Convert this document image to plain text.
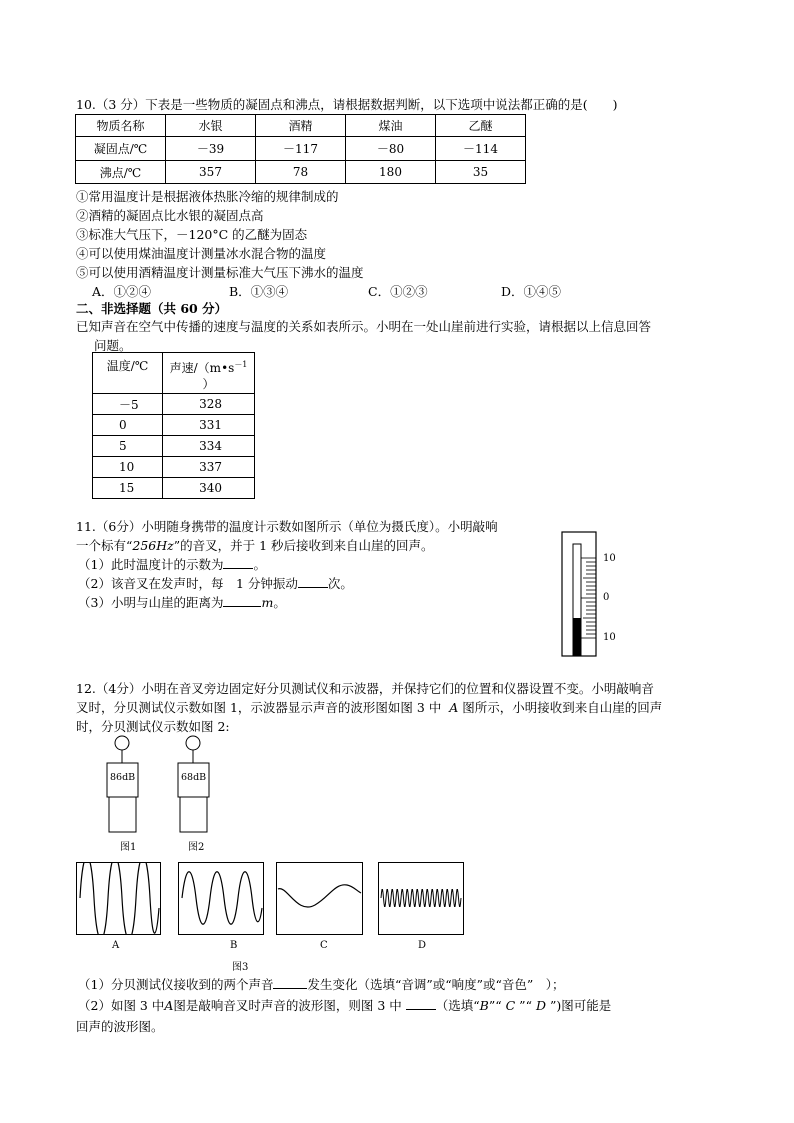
10.（3 分）下表是一些物质的凝固点和沸点，请根据数据判断，以下选项中说法都正确的是(　　)
物质名称	水银	酒精	煤油	乙醚
凝固点/℃	－39	－117	－80	－114
沸点/℃	357	78	180	35
①常用温度计是根据液体热胀冷缩的规律制成的
②酒精的凝固点比水银的凝固点高
③标准大气压下，－120°C 的乙醚为固态
④可以使用煤油温度计测量冰水混合物的温度
⑤可以使用酒精温度计测量标准大气压下沸水的温度
A．①②④	B．①③④	C．①②③	D．①④⑤
二、非选择题（共 60 分）
已知声音在空气中传播的速度与温度的关系如表所示。小明在一处山崖前进行实验，请根据以上信息回答
问题。
温度/℃	声速$/(m•s^{-1}$
）
－5	328
0	331
5	334
10	337
15	340
11.（6分）小明随身携带的温度计示数如图所示（单位为摄氏度）。小明敲响
一个标有“256Hz”的音叉，并于 1 秒后接收到来自山崖的回声。
（1）此时温度计的示数为 。
（2）该音叉在发声时，每　1 分钟振动 次。
（3）小明与山崖的距离为	m。
10
0
10
12.（4分）小明在音叉旁边固定好分贝测试仪和示波器，并保持它们的位置和仪器设置不变。小明敲响音
叉时，分贝测试仪示数如图 1，示波器显示声音的波形图如图 3 中 A 图所示，小明接收到来自山崖的回声
时，分贝测试仪示数如图 2:
86dB
图1
68dB
图2
A	B	C	D
图3
（1）分贝测试仪接收到的两个声音	发生变化（选填“音调”或“响度”或“音色”　）；
（2）如图 3 中A图是敲响音叉时声音的波形图，则图 3 中	（选填“B”“ C ”“ D ”)图可能是
回声的波形图。
